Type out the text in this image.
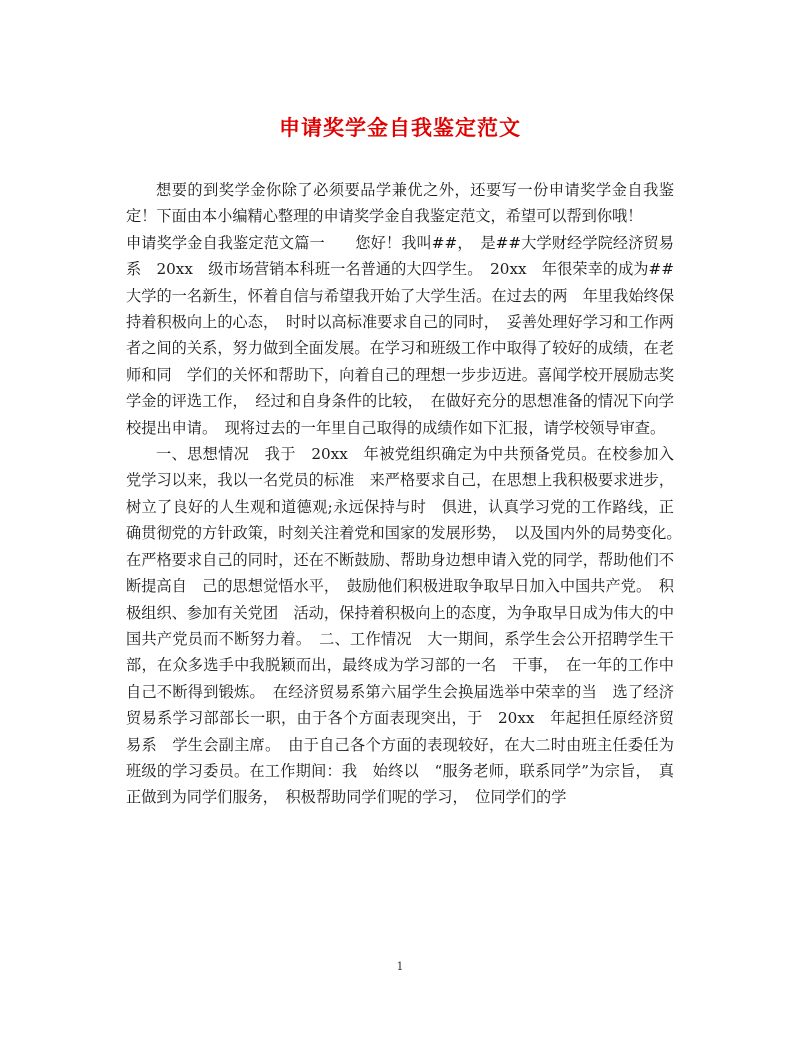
申请奖学金自我鉴定范文

想要的到奖学金你除了必须要品学兼优之外，还要写一份申请奖学金自我鉴定！下面由本小编精心整理的申请奖学金自我鉴定范文，希望可以帮到你哦！

申请奖学金自我鉴定范文篇一　　您好！我叫##，　是##大学财经学院经济贸易系　20xx　级市场营销本科班一名普通的大四学生。　20xx　年很荣幸的成为##大学的一名新生，怀着自信与希望我开始了大学生活。在过去的两　年里我始终保持着积极向上的心态，　时时以高标准要求自己的同时，　妥善处理好学习和工作两者之间的关系，努力做到全面发展。在学习和班级工作中取得了较好的成绩，在老师和同　学们的关怀和帮助下，向着自己的理想一步步迈进。喜闻学校开展励志奖学金的评选工作，　经过和自身条件的比较，　在做好充分的思想准备的情况下向学校提出申请。　现将过去的一年里自己取得的成绩作如下汇报，请学校领导审查。

一、思想情况　我于　20xx　年被党组织确定为中共预备党员。在校参加入党学习以来，我以一名党员的标准　来严格要求自己，在思想上我积极要求进步，树立了良好的人生观和道德观;永远保持与时　俱进，认真学习党的工作路线，正确贯彻党的方针政策，时刻关注着党和国家的发展形势，　以及国内外的局势变化。　在严格要求自己的同时，还在不断鼓励、帮助身边想申请入党的同学，帮助他们不断提高自　己的思想觉悟水平，　鼓励他们积极进取争取早日加入中国共产党。　积极组织、参加有关党团　活动，保持着积极向上的态度，为争取早日成为伟大的中国共产党员而不断努力着。　二、工作情况　大一期间，系学生会公开招聘学生干部，在众多选手中我脱颖而出，最终成为学习部的一名　干事，　在一年的工作中自己不断得到锻炼。　在经济贸易系第六届学生会换届选举中荣幸的当　选了经济贸易系学习部部长一职，由于各个方面表现突出，于　20xx　年起担任原经济贸易系　学生会副主席。　由于自己各个方面的表现较好，在大二时由班主任委任为班级的学习委员。在工作期间：我　始终以　“服务老师，联系同学”为宗旨，　真正做到为同学们服务，　积极帮助同学们呢的学习，　位同学们的学

1
